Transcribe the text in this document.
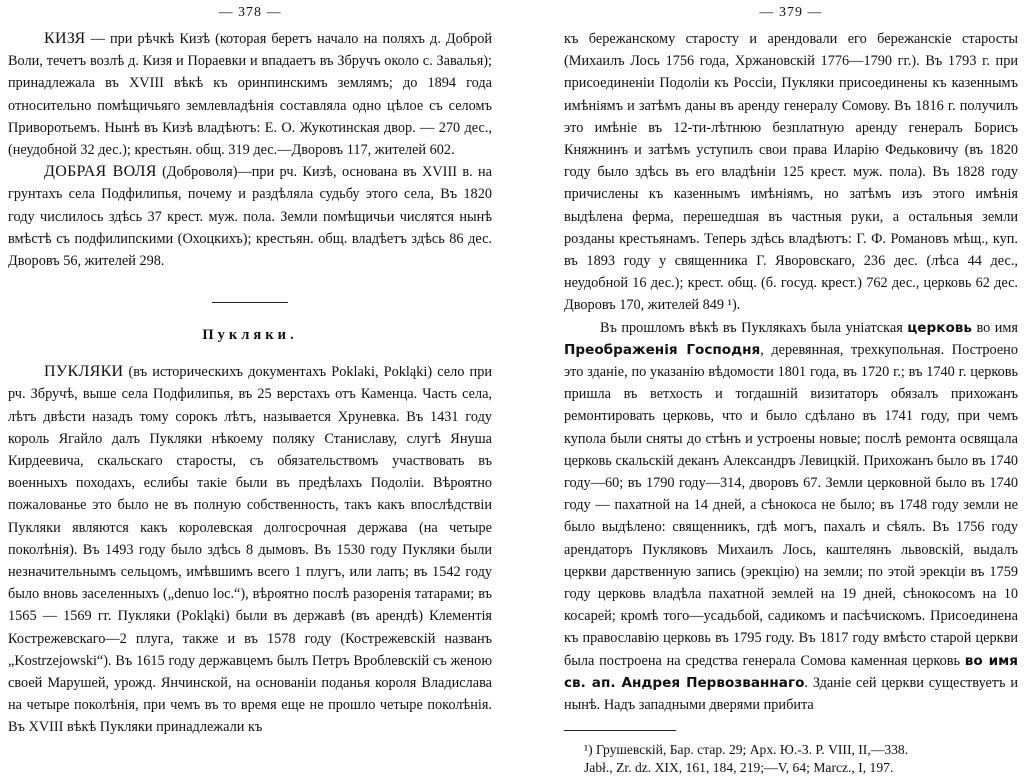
— 378 —

КИЗЯ — при рѣчкѣ Кизѣ (которая беретъ начало на поляхъ д. Доброй Воли, течетъ возлѣ д. Кизя и Пораевки и впадаетъ въ Збручъ около с. Завалья); принадлежала въ XVIII вѣкѣ къ оринпинскимъ землямъ; до 1894 года относительно помѣщичьяго землевладѣнія составляла одно цѣлое съ селомъ Приворотьемъ. Нынѣ въ Кизѣ владѣютъ: Е. О. Жукотинская двор. — 270 дес., (неудобной 32 дес.); крестьян. общ. 319 дес.—Дворовъ 117, жителей 602.

ДОБРАЯ ВОЛЯ (Доброволя)—при рч. Кизѣ, основана въ XVIII в. на грунтахъ села Подфилипья, почему и раздѣляла судьбу этого села, Въ 1820 году числилось здѣсь 37 крест. муж. пола. Земли помѣщичьи числятся нынѣ вмѣстѣ съ подфилипскими (Охоцкихъ); крестьян. общ. владѣетъ здѣсь 86 дес. Дворовъ 56, жителей 298.

Пукляки.

ПУКЛЯКИ (въ историческихъ документахъ Poklaki, Pokląki) село при рч. Збручѣ, выше села Подфилипья, въ 25 верстахъ отъ Каменца. Часть села, лѣтъ двѣсти назадъ тому сорокъ лѣтъ, называется Хруневка. Въ 1431 году король Ягайло далъ Пукляки нѣкоему поляку Станиславу, слугѣ Януша Кирдеевича, скальскаго старосты, съ обязательствомъ участвовать въ военныхъ походахъ, еслибы такіе были въ предѣлахъ Подоліи. Вѣроятно пожалованье это было не въ полную собственность, такъ какъ впослѣдствіи Пукляки являются какъ королевская долгосрочная держава (на четыре поколѣнія). Въ 1493 году было здѣсь 8 дымовъ. Въ 1530 году Пукляки были незначительнымъ сельцомъ, имѣвшимъ всего 1 плугъ, или лапъ; въ 1542 году было вновь заселенныхъ („denuo loc.“), вѣроятно послѣ разоренія татарами; въ 1565 — 1569 гг. Пукляки (Pokląki) были въ державѣ (въ арендѣ) Клементія Кострежевскаго—2 плуга, также и въ 1578 году (Кострежевскій названъ „Kostrzejowski“). Въ 1615 году державцемъ былъ Петръ Вроблевскій съ женою своей Марушей, урожд. Янчинской, на основаніи поданья короля Владислава на четыре поколѣнія, при чемъ въ то время еще не прошло четыре поколѣнія. Въ XVIII вѣкѣ Пукляки принадлежали къ

— 379 —

къ бережанскому старосту и арендовали его бережанскіе старосты (Михаилъ Лось 1756 года, Хржановскій 1776—1790 гг.). Въ 1793 г. при присоединеніи Подоліи къ Россіи, Пукляки присоединены къ казеннымъ имѣніямъ и затѣмъ даны въ аренду генералу Сомову. Въ 1816 г. получилъ это имѣніе въ 12-ти-лѣтнюю безплатную аренду генералъ Борисъ Княжнинъ и затѣмъ уступилъ свои права Иларію Федьковичу (въ 1820 году было здѣсь въ его владѣніи 125 крест. муж. пола). Въ 1828 году причислены къ казеннымъ имѣніямъ, но затѣмъ изъ этого имѣнія выдѣлена ферма, перешедшая въ частныя руки, а остальныя земли розданы крестьянамъ. Теперь здѣсь владѣютъ: Г. Ф. Романовъ мѣщ., куп. въ 1893 году у священника Г. Яворовскаго, 236 дес. (лѣса 44 дес., неудобной 16 дес.); крест. общ. (б. госуд. крест.) 762 дес., церковь 62 дес. Дворовъ 170, жителей 849 ¹).

Въ прошломъ вѣкѣ въ Пуклякахъ была уніатская церковь во имя Преображенія Господня, деревянная, трехкупольная. Построено это зданіе, по указанію вѣдомости 1801 года, въ 1720 г.; въ 1740 г. церковь пришла въ ветхость и тогдашній визитаторъ обязалъ прихожанъ ремонтировать церковь, что и было сдѣлано въ 1741 году, при чемъ купола были сняты до стѣнъ и устроены новые; послѣ ремонта освящала церковь скальскій деканъ Александръ Левицкій. Прихожанъ было въ 1740 году—60; въ 1790 году—314, дворовъ 67. Земли церковной было въ 1740 году — пахатной на 14 дней, а сѣнокоса не было; въ 1748 году земли не было выдѣлено: священникъ, гдѣ могъ, пахалъ и сѣялъ. Въ 1756 году арендаторъ Пукляковъ Михаилъ Лось, каштелянъ львовскій, выдалъ церкви дарственную запись (эрекцію) на земли; по этой эрекціи въ 1759 году церковь владѣла пахатной землей на 19 дней, сѣнокосомъ на 10 косарей; кромѣ того—усадьбой, садикомъ и пасѣчискомъ. Присоединена къ православію церковь въ 1795 году. Въ 1817 году вмѣсто старой церкви была построена на средства генерала Сомова каменная церковь во имя св. ап. Андрея Первозваннаго. Зданіе сей церкви существуетъ и нынѣ. Надъ западными дверями прибита

¹) Грушевскій, Бар. стар. 29; Арх. Ю.-З. Р. VIII, II,—338.

Jabł., Zr. dz. XIX, 161, 184, 219;—V, 64; Marcz., I, 197.
